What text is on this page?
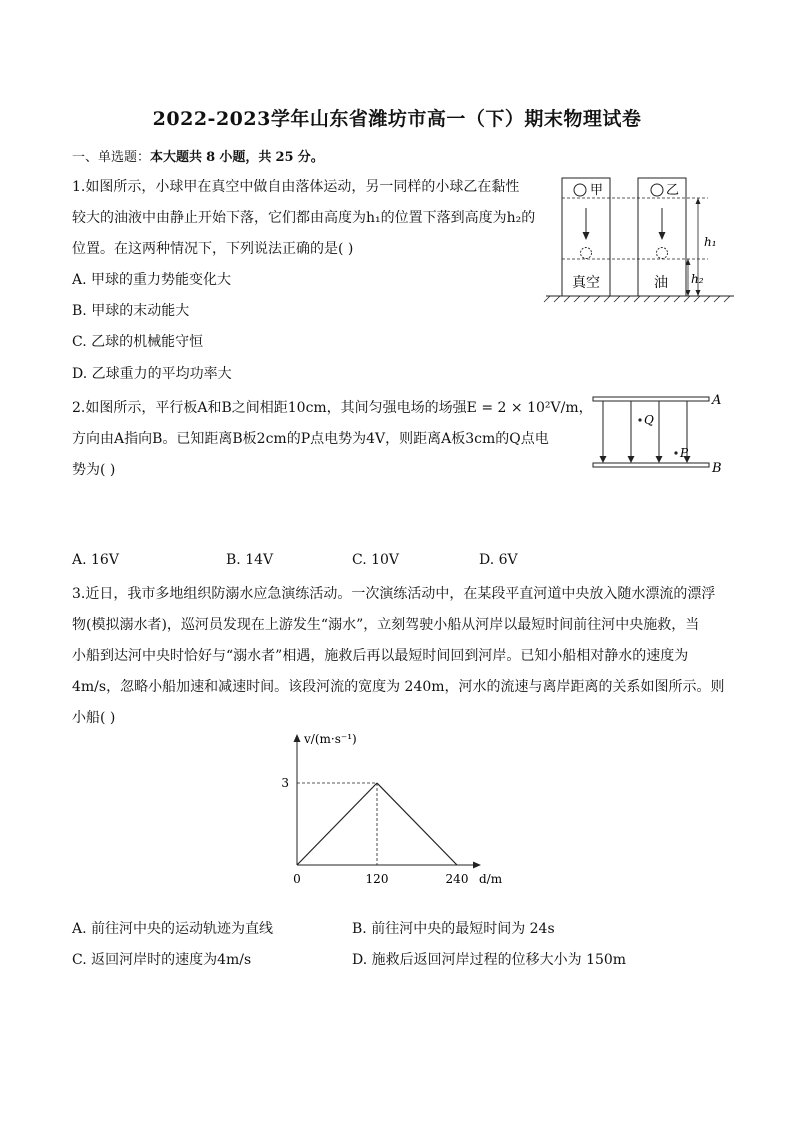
2022-2023学年山东省潍坊市高一（下）期末物理试卷
一、单选题：本大题共 8 小题，共 25 分。
1.如图所示，小球甲在真空中做自由落体运动，另一同样的小球乙在黏性
较大的油液中由静止开始下落，它们都由高度为h₁的位置下落到高度为h₂的
位置。在这两种情况下，下列说法正确的是( )
A. 甲球的重力势能变化大
B. 甲球的末动能大
C. 乙球的机械能守恒
D. 乙球重力的平均功率大
甲	乙
真空	油
h₁
h₂
2.如图所示，平行板A和B之间相距10cm，其间匀强电场的场强E = 2 × 10²V/m，
方向由A指向B。已知距离B板2cm的P点电势为4V，则距离A板3cm的Q点电
势为( )
A. 16V	B. 14V	C. 10V	D. 6V
A
B
Q
P
3.近日，我市多地组织防溺水应急演练活动。一次演练活动中，在某段平直河道中央放入随水漂流的漂浮
物(模拟溺水者)，巡河员发现在上游发生“溺水”，立刻驾驶小船从河岸以最短时间前往河中央施救，当
小船到达河中央时恰好与“溺水者”相遇，施救后再以最短时间回到河岸。已知小船相对静水的速度为
4m/s，忽略小船加速和减速时间。该段河流的宽度为 240m，河水的流速与离岸距离的关系如图所示。则
小船( )
v/(m·s⁻¹)
d/m
0	120	240
3
A. 前往河中央的运动轨迹为直线	B. 前往河中央的最短时间为 24s
C. 返回河岸时的速度为4m/s	D. 施救后返回河岸过程的位移大小为 150m
